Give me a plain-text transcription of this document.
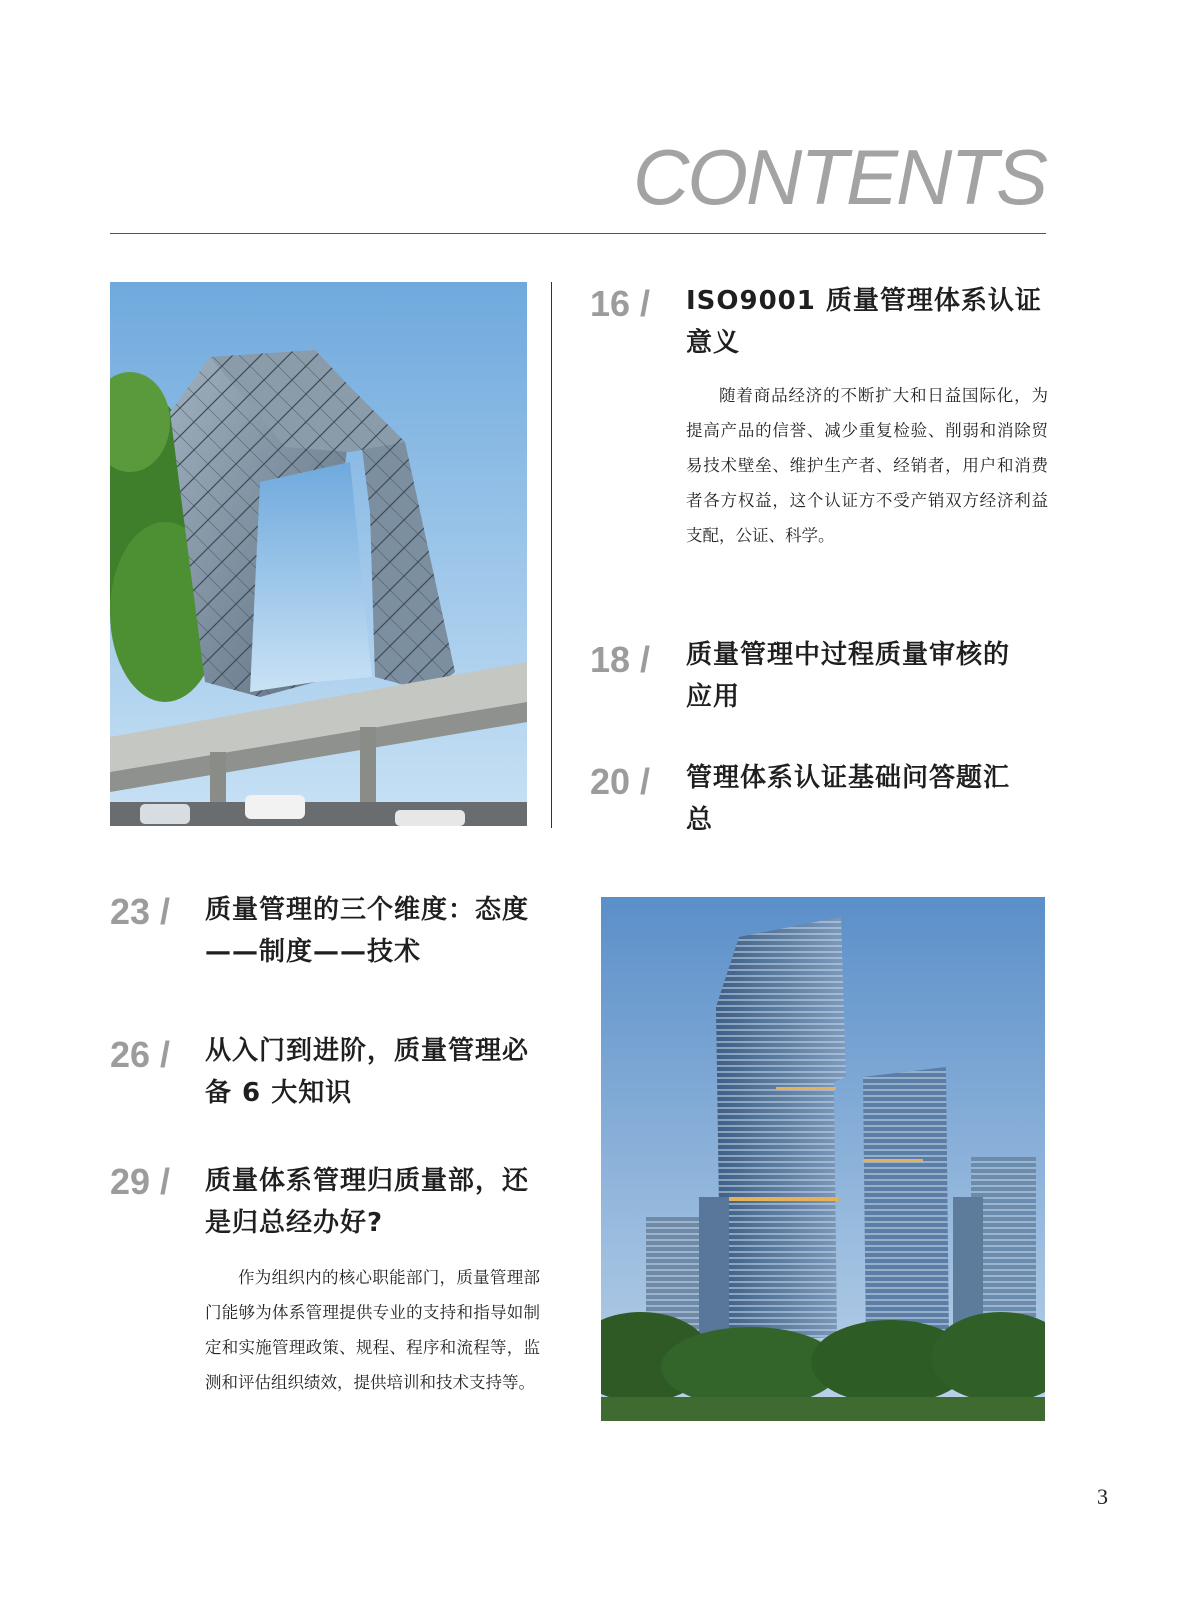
CONTENTS
16 / ISO9001 质量管理体系认证意义
随着商品经济的不断扩大和日益国际化，为提高产品的信誉、减少重复检验、削弱和消除贸易技术壁垒、维护生产者、经销者，用户和消费者各方权益，这个认证方不受产销双方经济利益支配，公证、科学。
18 / 质量管理中过程质量审核的应用
20 / 管理体系认证基础问答题汇总
23 / 质量管理的三个维度：态度——制度——技术
26 / 从入门到进阶，质量管理必备 6 大知识
29 / 质量体系管理归质量部，还是归总经办好?
作为组织内的核心职能部门，质量管理部门能够为体系管理提供专业的支持和指导如制定和实施管理政策、规程、程序和流程等，监测和评估组织绩效，提供培训和技术支持等。
3
